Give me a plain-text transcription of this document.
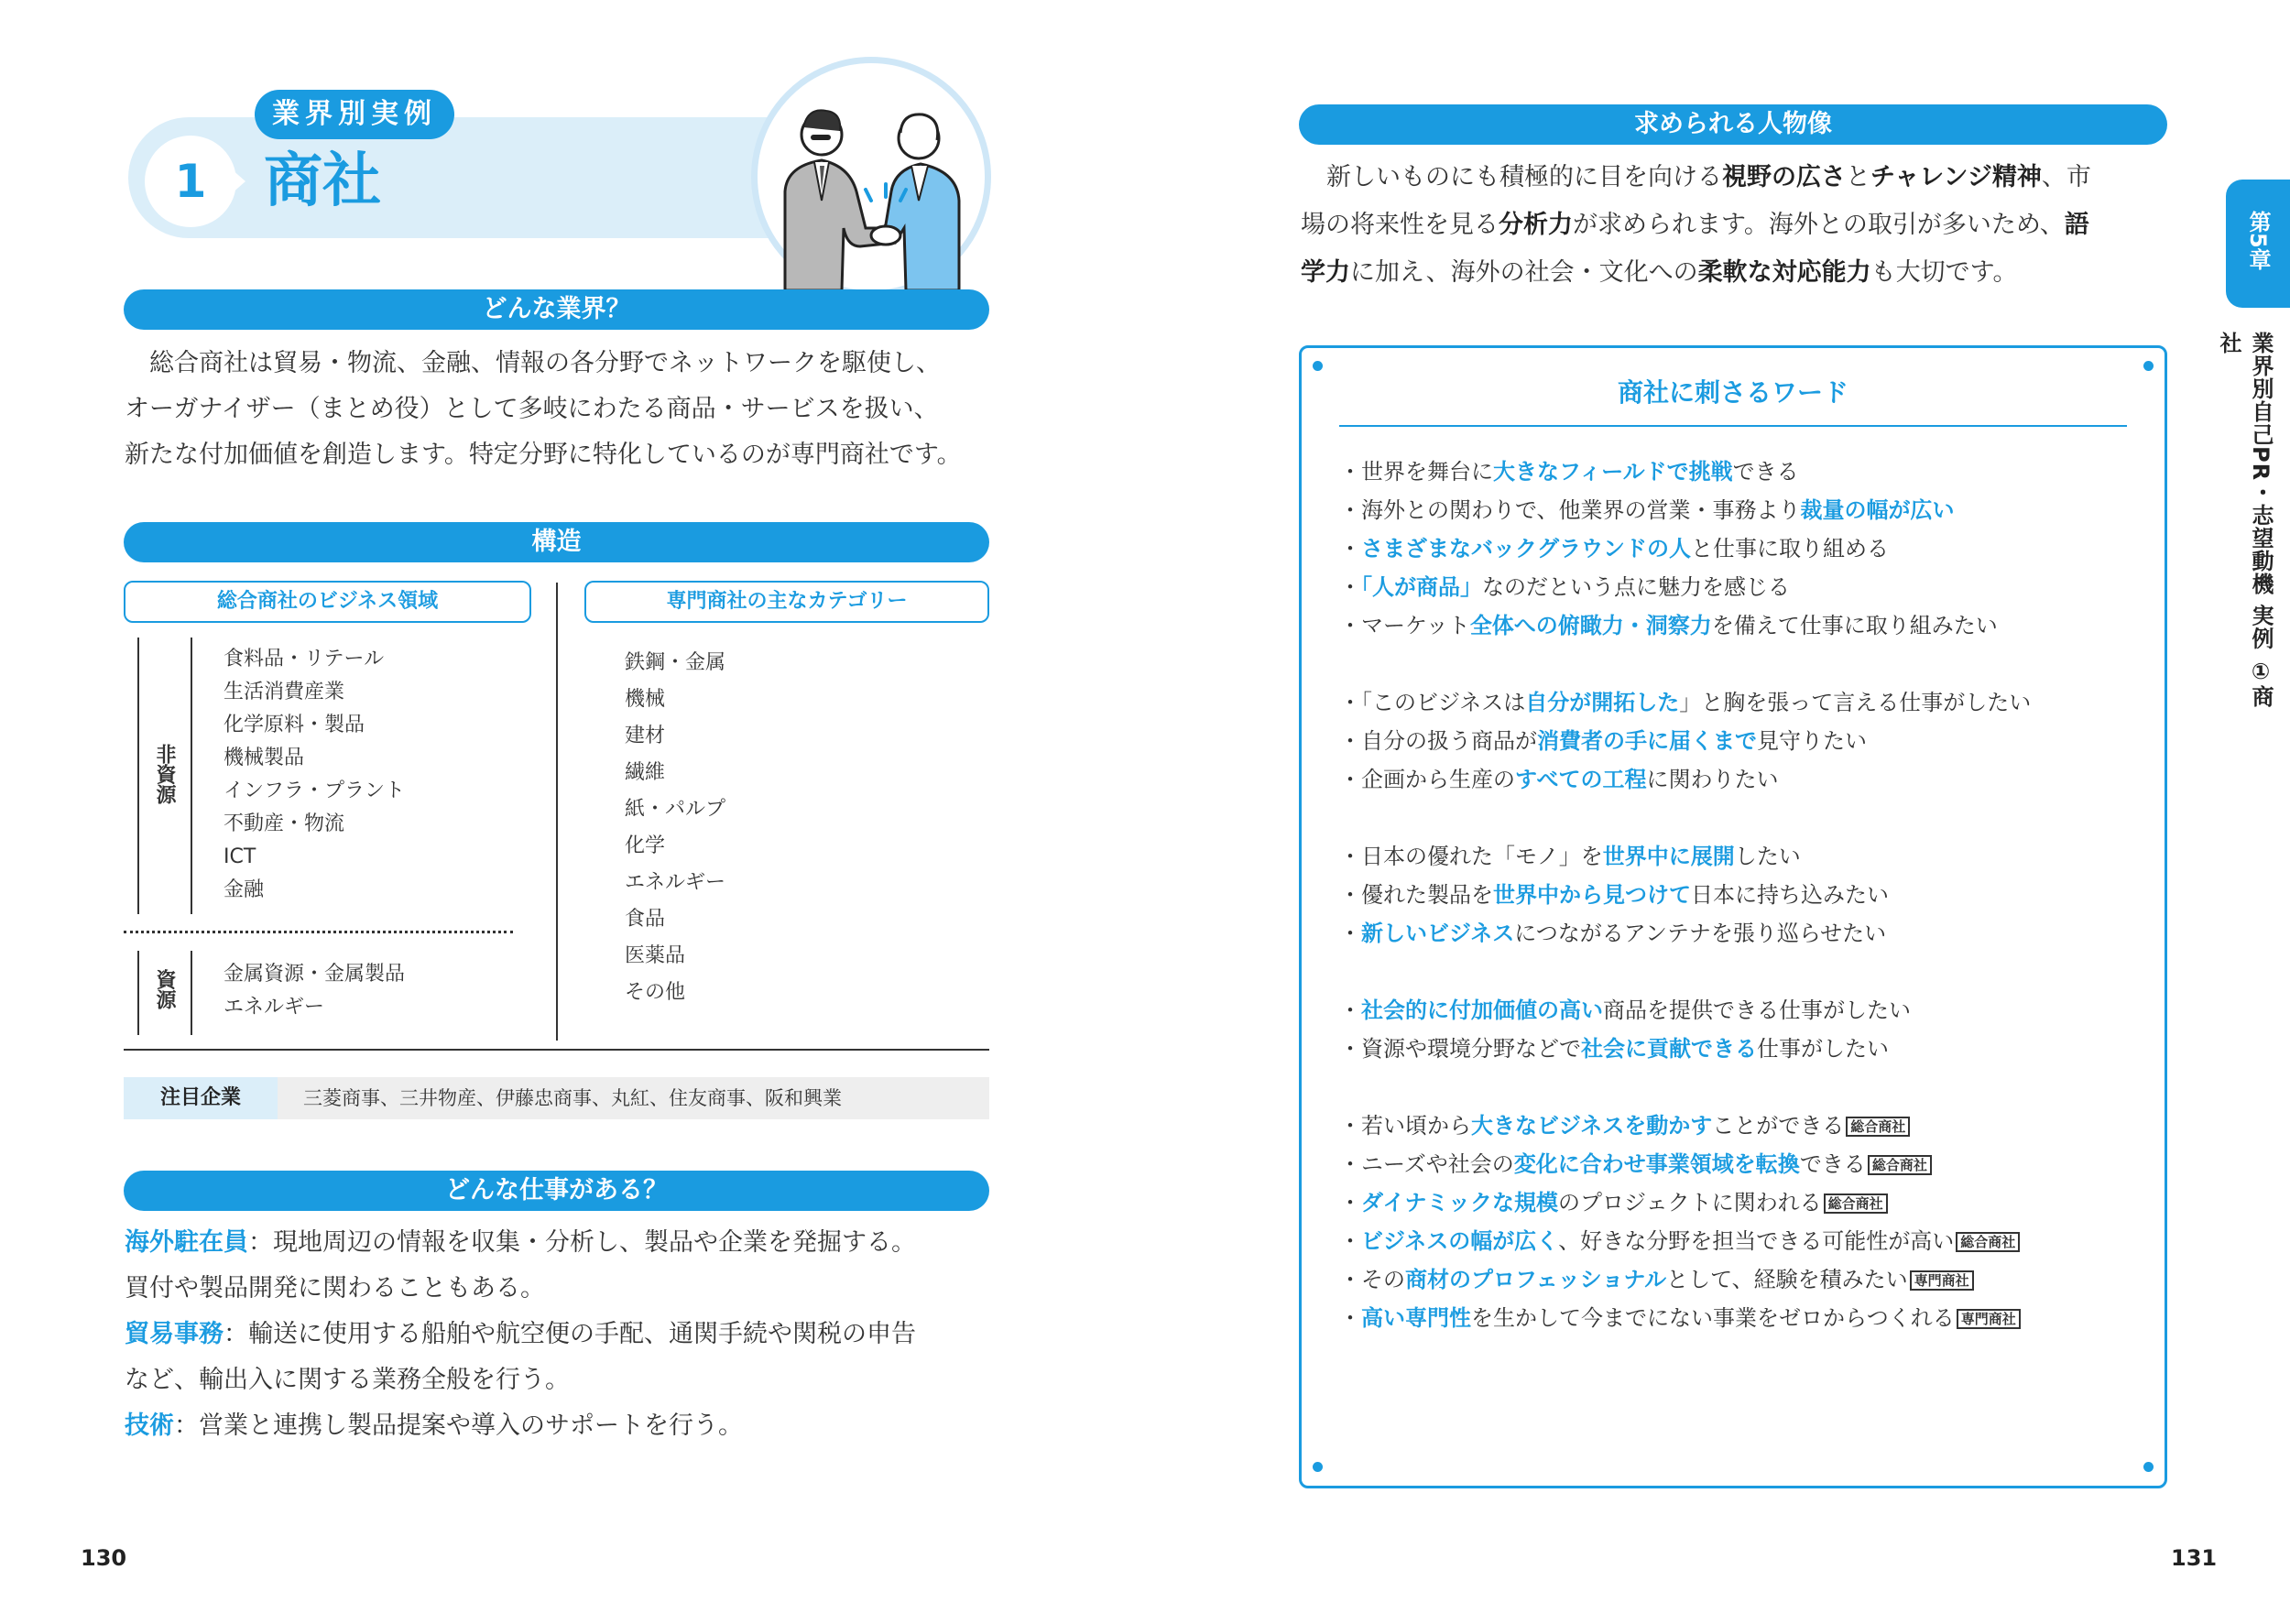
1
業界別実例
商社
どんな業界？
総合商社は貿易・物流、金融、情報の各分野でネットワークを駆使し、
オーガナイザー（まとめ役）として多岐にわたる商品・サービスを扱い、
新たな付加価値を創造します。特定分野に特化しているのが専門商社です。
構造
総合商社のビジネス領域	専門商社の主なカテゴリー
非資源
食料品・リテール
生活消費産業
化学原料・製品
機械製品
インフラ・プラント
不動産・物流
ICT
金融
資源 金属資源・金属製品
エネルギー
鉄鋼・金属
機械
建材
繊維
紙・パルプ
化学
エネルギー
食品
医薬品
その他
注目企業	三菱商事、三井物産、伊藤忠商事、丸紅、住友商事、阪和興業
どんな仕事がある？
海外駐在員：現地周辺の情報を収集・分析し、製品や企業を発掘する。
買付や製品開発に関わることもある。
貿易事務：輸送に使用する船舶や航空便の手配、通関手続や関税の申告
など、輸出入に関する業務全般を行う。
技術：営業と連携し製品提案や導入のサポートを行う。
130
求められる人物像
新しいものにも積極的に目を向ける視野の広さとチャレンジ精神、市
場の将来性を見る分析力が求められます。海外との取引が多いため、語
学力に加え、海外の社会・文化への柔軟な対応能力も大切です。
商社に刺さるワード
・世界を舞台に大きなフィールドで挑戦できる
・海外との関わりで、他業界の営業・事務より裁量の幅が広い
・さまざまなバックグラウンドの人と仕事に取り組める
・「人が商品」なのだという点に魅力を感じる
・マーケット全体への俯瞰力・洞察力を備えて仕事に取り組みたい
・「このビジネスは自分が開拓した」と胸を張って言える仕事がしたい
・自分の扱う商品が消費者の手に届くまで見守りたい
・企画から生産のすべての工程に関わりたい
・日本の優れた「モノ」を世界中に展開したい
・優れた製品を世界中から見つけて日本に持ち込みたい
・新しいビジネスにつながるアンテナを張り巡らせたい
・社会的に付加価値の高い商品を提供できる仕事がしたい
・資源や環境分野などで社会に貢献できる仕事がしたい
・若い頃から大きなビジネスを動かすことができる 総合商社
・ニーズや社会の変化に合わせ事業領域を転換できる 総合商社
・ダイナミックな規模のプロジェクトに関われる 総合商社
・ビジネスの幅が広く、好きな分野を担当できる可能性が高い 総合商社
・その商材のプロフェッショナルとして、経験を積みたい 専門商社
・高い専門性を生かして今までにない事業をゼロからつくれる 専門商社
第5章
業界別自己PR・志望動機 実例 ①商社
131
